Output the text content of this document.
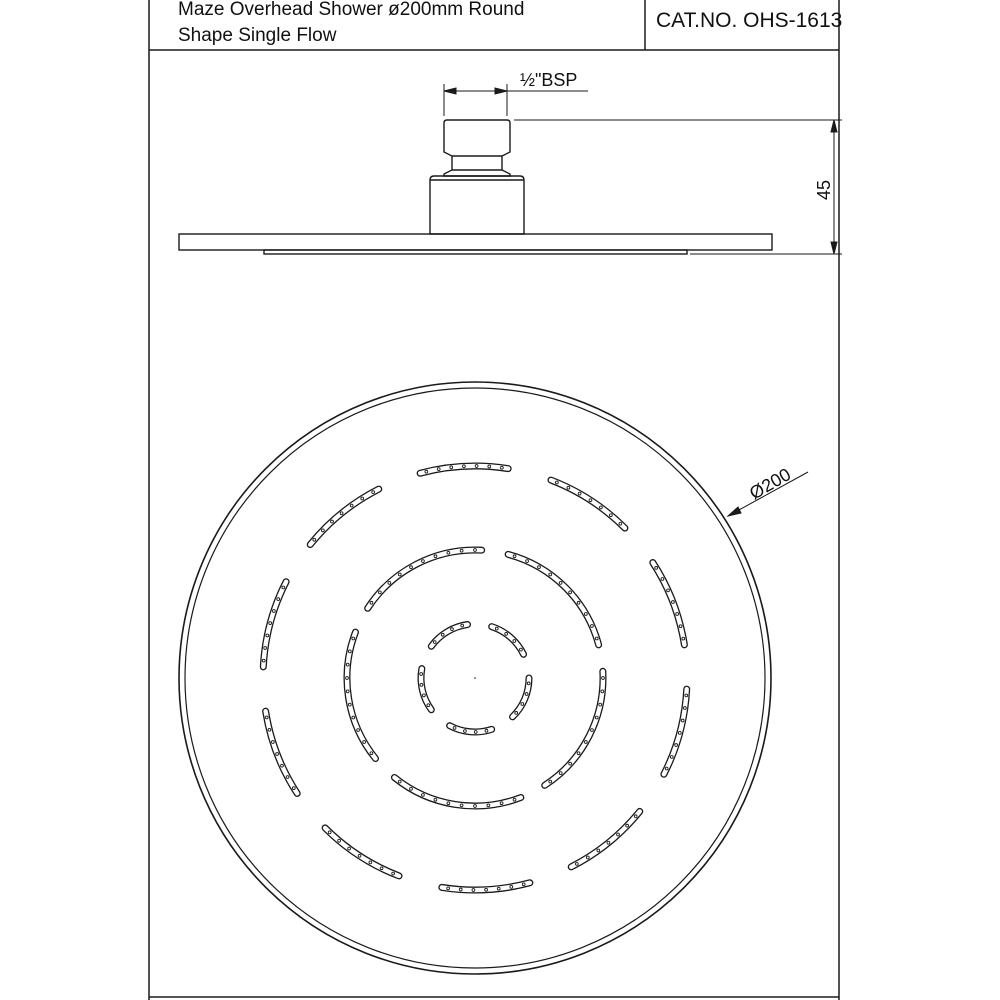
½"BSP
45
Ø200
Maze Overhead Shower ø200mm Round
Shape Single Flow
CAT.NO. OHS-1613
